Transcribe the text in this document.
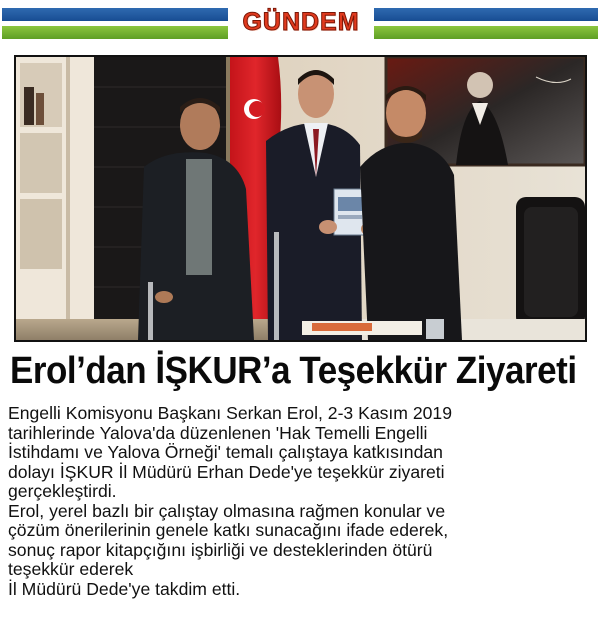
GÜNDEM
Erol’dan İŞKUR’a Teşekkür Ziyareti
Engelli Komisyonu Başkanı Serkan Erol, 2-3 Kasım 2019
tarihlerinde Yalova'da düzenlenen 'Hak Temelli Engelli
İstihdamı ve Yalova Örneği' temalı çalıştaya katkısından
dolayı İŞKUR İl Müdürü Erhan Dede'ye teşekkür ziyareti
gerçekleştirdi.
Erol, yerel bazlı bir çalıştay olmasına rağmen konular ve
çözüm önerilerinin genele katkı sunacağını ifade ederek,
sonuç rapor kitapçığını işbirliği ve desteklerinden ötürü
teşekkür ederek
İl Müdürü Dede'ye takdim etti.
